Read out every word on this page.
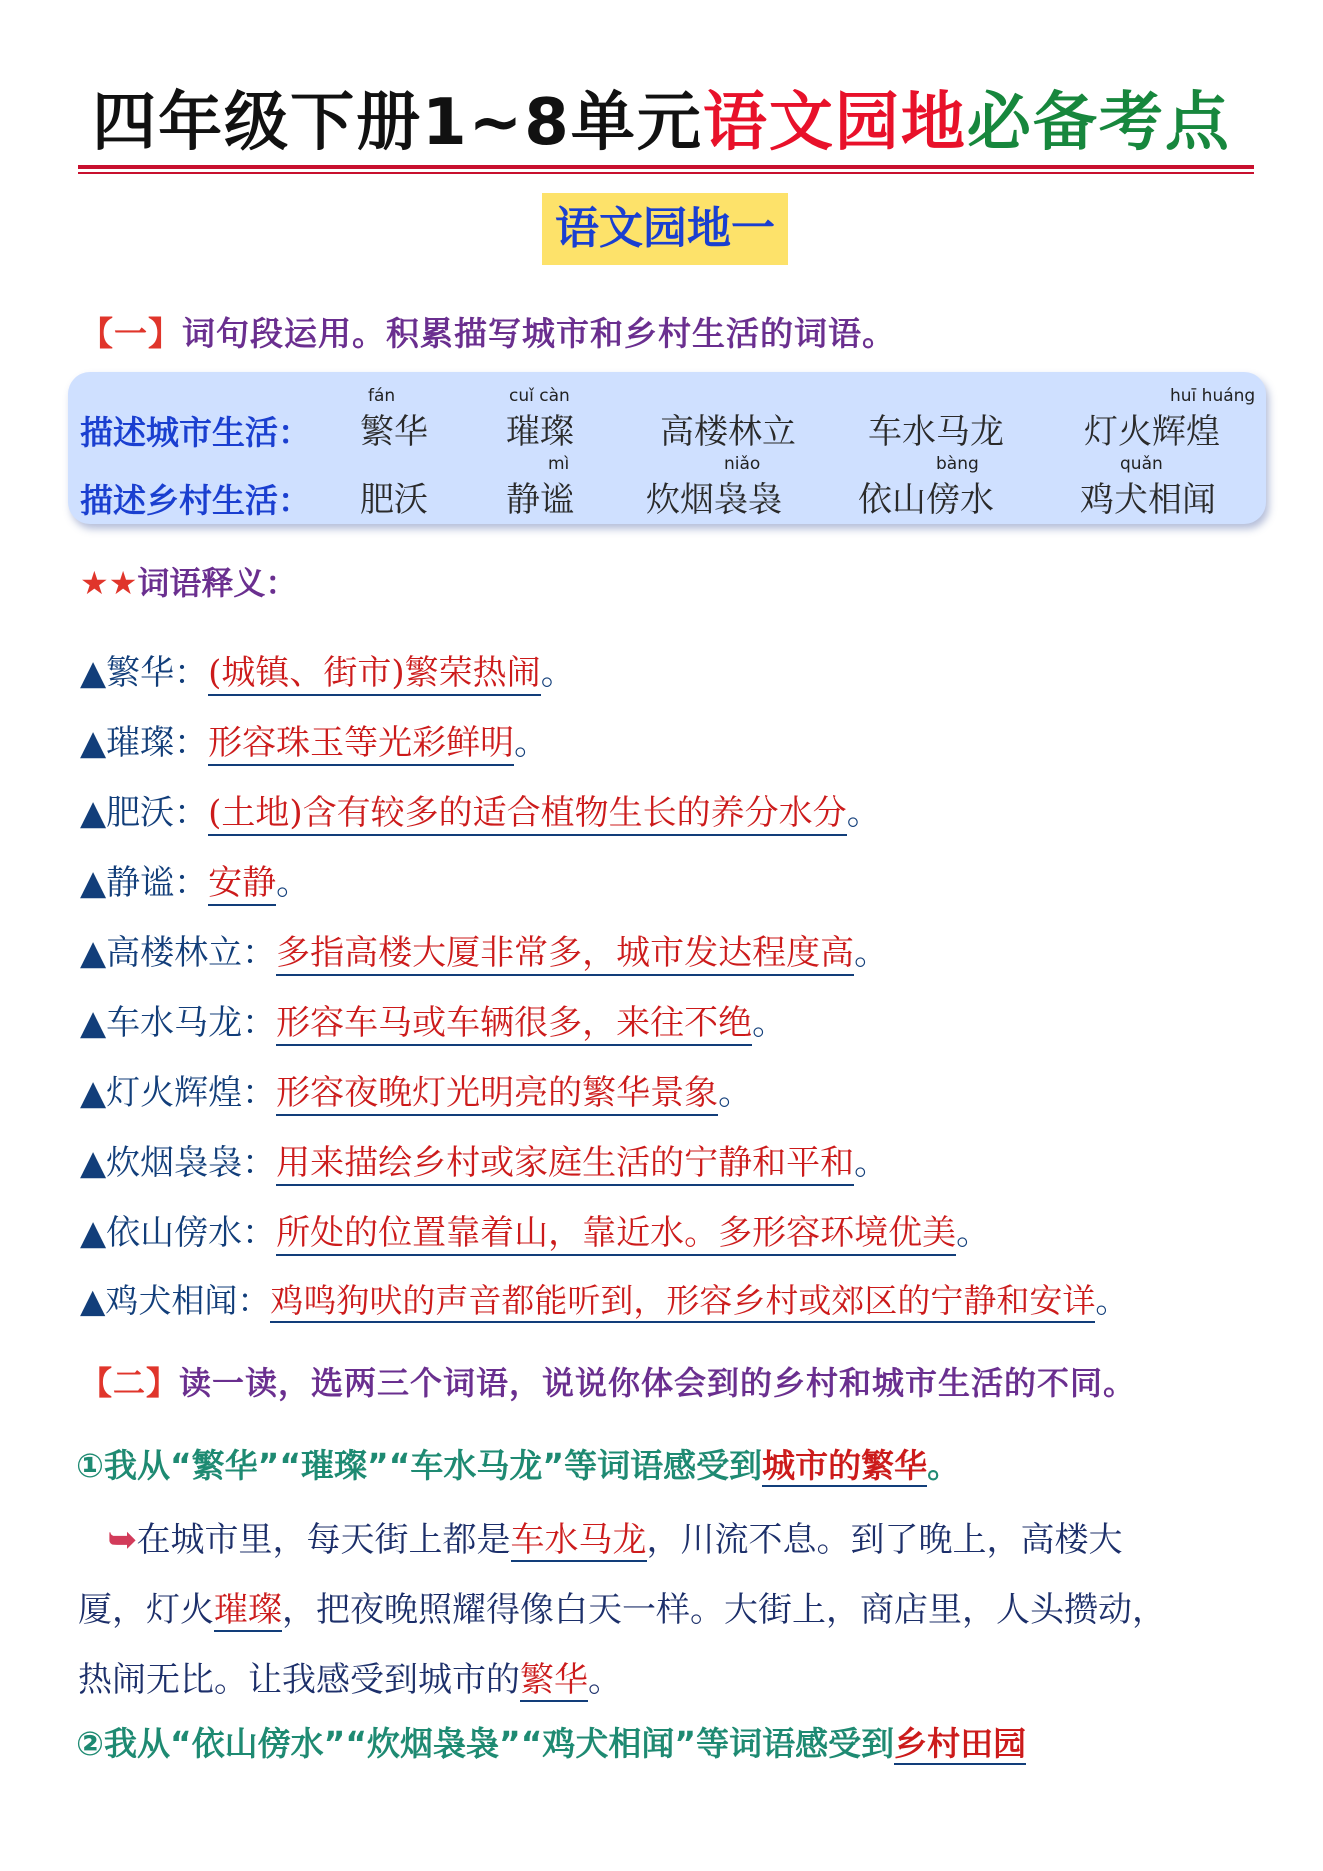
四年级下册1~8单元语文园地必备考点
语文园地一
【一】词句段运用。积累描写城市和乡村生活的词语。
描述城市生活：
描述乡村生活：
fán
繁华
cuǐ càn
璀璨	高楼林立 车水马龙
huī huáng
灯火辉煌
肥沃
mì
静谧
niǎo
炊烟袅袅
bàng
依山傍水
quǎn
鸡犬相闻
★★词语释义：
▲繁华：(城镇、街市)繁荣热闹。
▲璀璨：形容珠玉等光彩鲜明。
▲肥沃：(土地)含有较多的适合植物生长的养分水分。
▲静谧：安静。
▲高楼林立：多指高楼大厦非常多，城市发达程度高。
▲车水马龙：形容车马或车辆很多，来往不绝。
▲灯火辉煌：形容夜晚灯光明亮的繁华景象。
▲炊烟袅袅：用来描绘乡村或家庭生活的宁静和平和。
▲依山傍水：所处的位置靠着山，靠近水。多形容环境优美。
▲鸡犬相闻：鸡鸣狗吠的声音都能听到，形容乡村或郊区的宁静和安详。
【二】读一读，选两三个词语，说说你体会到的乡村和城市生活的不同。
①我从“繁华”“璀璨”“车水马龙”等词语感受到城市的繁华。
➥在城市里，每天街上都是车水马龙，川流不息。到了晚上，高楼大
厦，灯火璀璨，把夜晚照耀得像白天一样。大街上，商店里，人头攒动，
热闹无比。让我感受到城市的繁华。
②我从“依山傍水”“炊烟袅袅”“鸡犬相闻”等词语感受到乡村田园
